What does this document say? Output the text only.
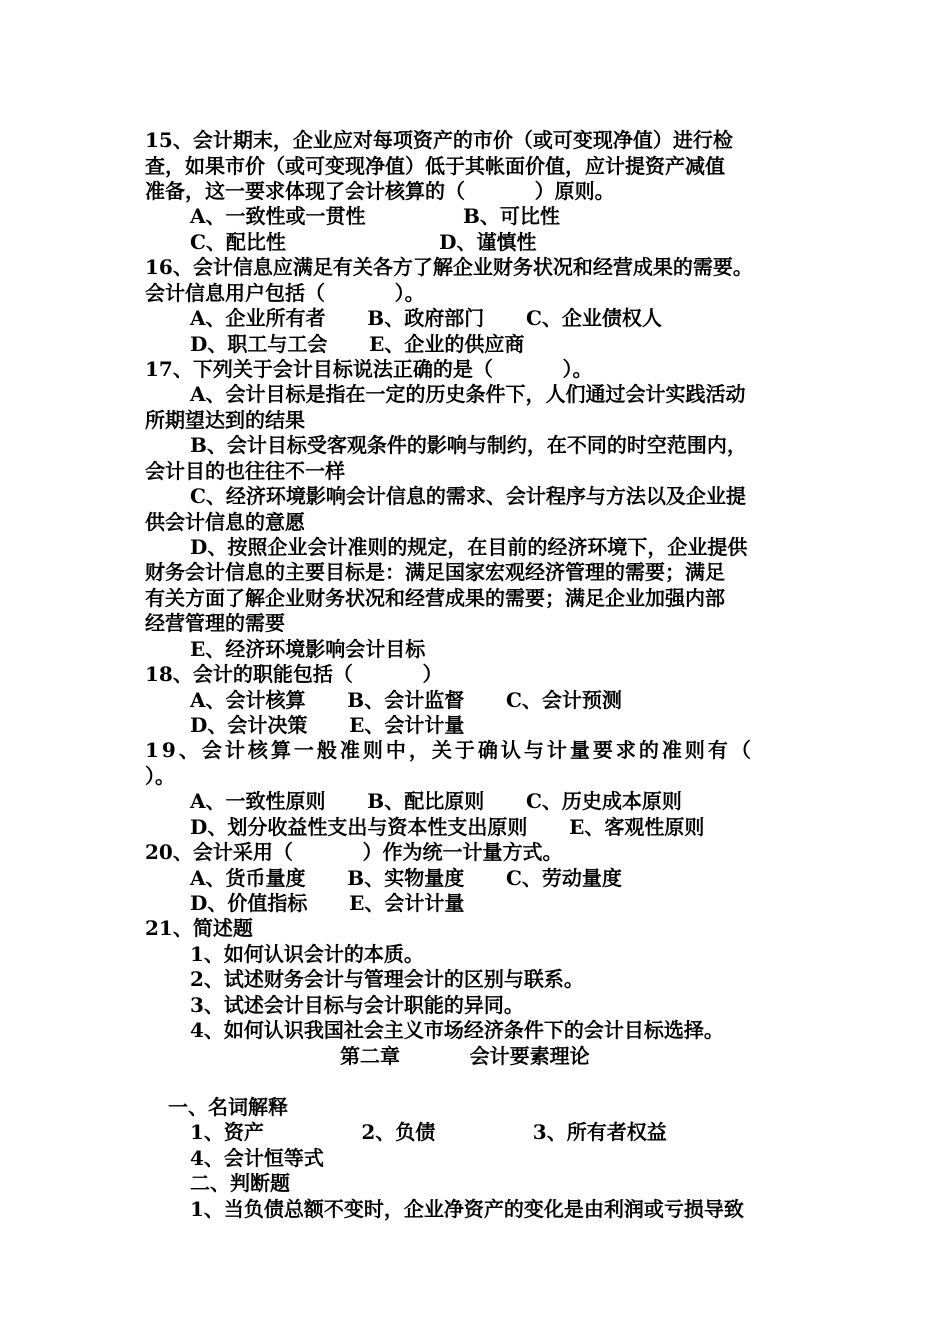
15、会计期末，企业应对每项资产的市价（或可变现净值）进行检
查，如果市价（或可变现净值）低于其帐面价值，应计提资产减值
准备，这一要求体现了会计核算的（          ）原则。
A、一致性或一贯性              B、可比性
C、配比性                      D、谨慎性
16、会计信息应满足有关各方了解企业财务状况和经营成果的需要。
会计信息用户包括（          ）。
A、企业所有者      B、政府部门      C、企业债权人
D、职工与工会      E、企业的供应商
17、下列关于会计目标说法正确的是（          ）。
A、会计目标是指在一定的历史条件下，人们通过会计实践活动
所期望达到的结果
B、会计目标受客观条件的影响与制约，在不同的时空范围内，
会计目的也往往不一样
C、经济环境影响会计信息的需求、会计程序与方法以及企业提
供会计信息的意愿
D、按照企业会计准则的规定，在目前的经济环境下，企业提供
财务会计信息的主要目标是：满足国家宏观经济管理的需要；满足
有关方面了解企业财务状况和经营成果的需要；满足企业加强内部
经营管理的需要
E、经济环境影响会计目标
18、会计的职能包括（          ）
A、会计核算      B、会计监督      C、会计预测
D、会计决策      E、会计计量
19、会计核算一般准则中，关于确认与计量要求的准则有（
）。
A、一致性原则      B、配比原则      C、历史成本原则
D、划分收益性支出与资本性支出原则      E、客观性原则
20、会计采用（          ）作为统一计量方式。
A、货币量度      B、实物量度      C、劳动量度
D、价值指标      E、会计计量
21、简述题
1、如何认识会计的本质。
2、试述财务会计与管理会计的区别与联系。
3、试述会计目标与会计职能的异同。
4、如何认识我国社会主义市场经济条件下的会计目标选择。
第二章          会计要素理论
一、名词解释
1、资产              2、负债              3、所有者权益
4、会计恒等式
二、判断题
1、当负债总额不变时，企业净资产的变化是由利润或亏损导致
